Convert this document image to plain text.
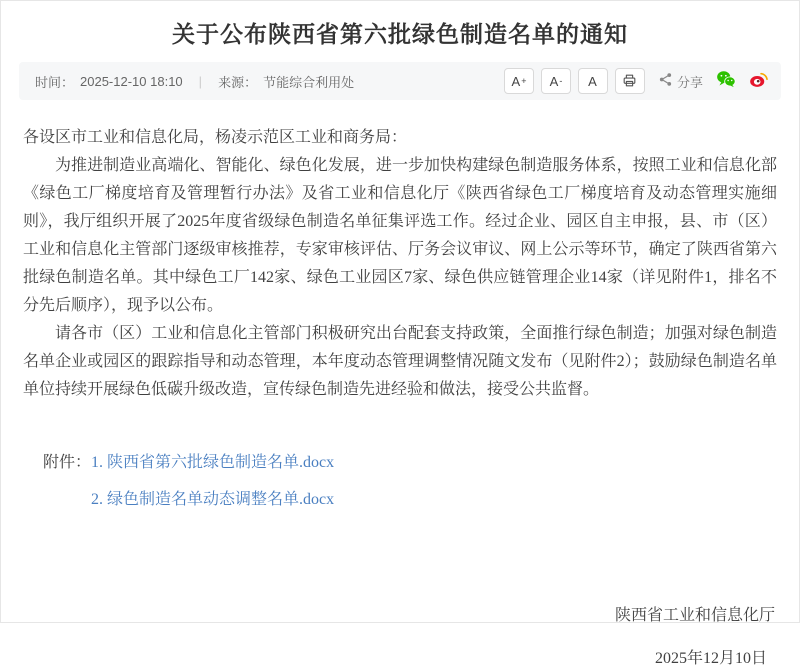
关于公布陕西省第六批绿色制造名单的通知
时间： 2025-12-10 18:10 | 来源： 节能综合利用处	A + A - A	分享

各设区市工业和信息化局，杨凌示范区工业和商务局：

为推进制造业高端化、智能化、绿色化发展，进一步加快构建绿色制造服务体系，按照工业和信息化部《绿色工厂梯度培育及管理暂行办法》及省工业和信息化厅《陕西省绿色工厂梯度培育及动态管理实施细则》，我厅组织开展了2025年度省级绿色制造名单征集评选工作。经过企业、园区自主申报，县、市（区）工业和信息化主管部门逐级审核推荐，专家审核评估、厅务会议审议、网上公示等环节，确定了陕西省第六批绿色制造名单。其中绿色工厂142家、绿色工业园区7家、绿色供应链管理企业14家（详见附件1，排名不分先后顺序），现予以公布。

请各市（区）工业和信息化主管部门积极研究出台配套支持政策，全面推行绿色制造；加强对绿色制造名单企业或园区的跟踪指导和动态管理，本年度动态管理调整情况随文发布（见附件2）；鼓励绿色制造名单单位持续开展绿色低碳升级改造，宣传绿色制造先进经验和做法，接受公共监督。

附件： 1. 陕西省第六批绿色制造名单.docx
2. 绿色制造名单动态调整名单.docx
陕西省工业和信息化厅
2025年12月10日
